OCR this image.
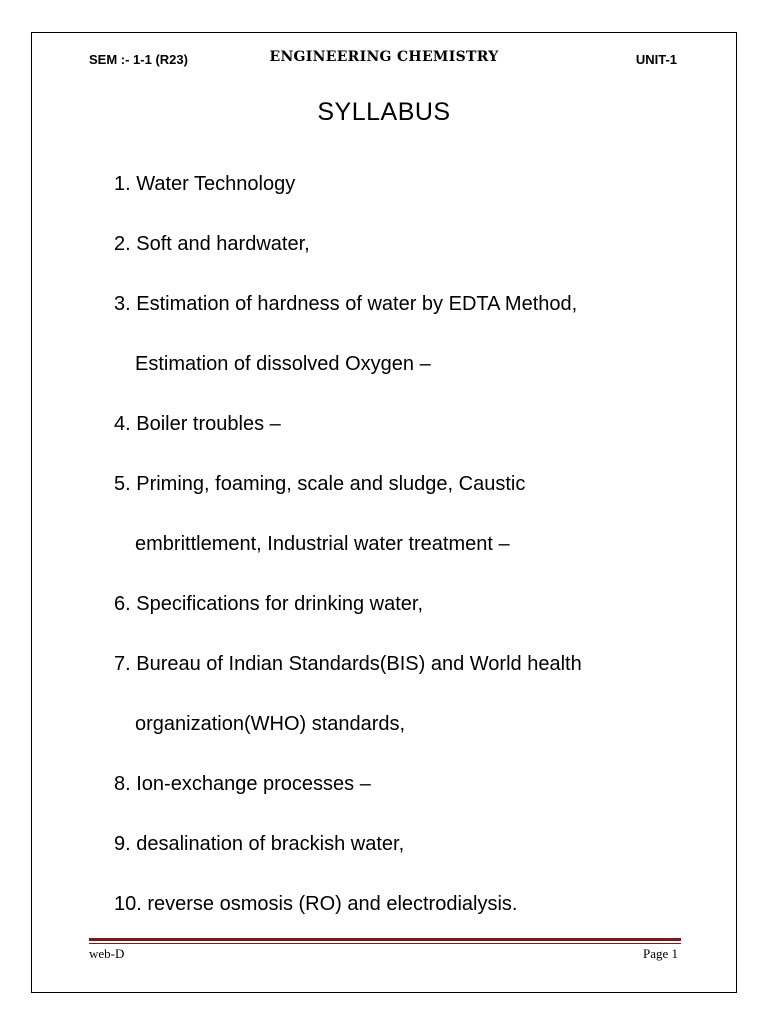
SEM :- 1-1 (R23)	ENGINEERING CHEMISTRY	UNIT-1
SYLLABUS
1. Water Technology
2. Soft and hardwater,
3. Estimation of hardness of water by EDTA Method,
Estimation of dissolved Oxygen –
4. Boiler troubles –
5. Priming, foaming, scale and sludge, Caustic
embrittlement, Industrial water treatment –
6. Specifications for drinking water,
7. Bureau of Indian Standards(BIS) and World health
organization(WHO) standards,
8. Ion-exchange processes –
9. desalination of brackish water,
10. reverse osmosis (RO) and electrodialysis.
web-D	Page 1
